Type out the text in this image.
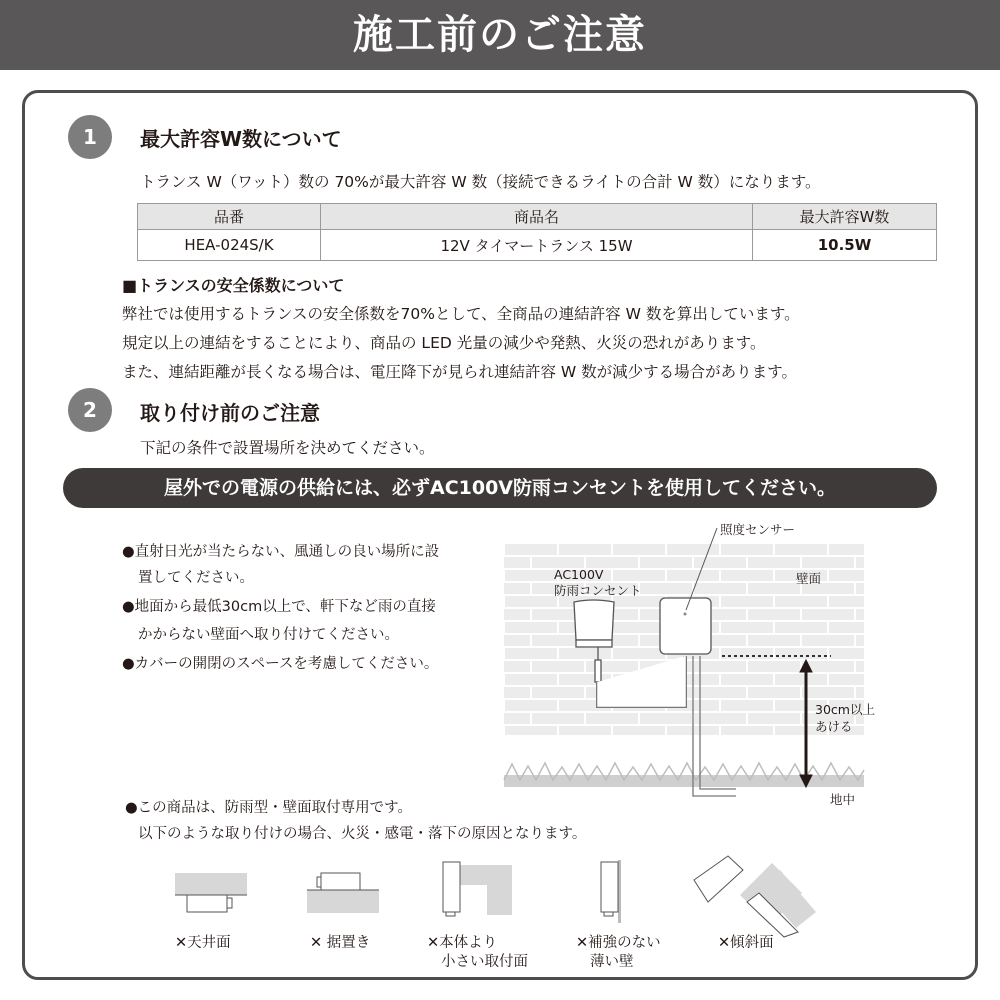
施工前のご注意
1	最大許容W数について
トランス W（ワット）数の 70%が最大許容 W 数（接続できるライトの合計 W 数）になります。
品番	商品名	最大許容W数
HEA-024S/K	12V タイマートランス 15W	10.5W
■トランスの安全係数について
弊社では使用するトランスの安全係数を70%として、全商品の連結許容 W 数を算出しています。
規定以上の連結をすることにより、商品の LED 光量の減少や発熱、火災の恐れがあります。
また、連結距離が長くなる場合は、電圧降下が見られ連結許容 W 数が減少する場合があります。
2	取り付け前のご注意
下記の条件で設置場所を決めてください。
屋外での電源の供給には、必ずAC100V防雨コンセントを使用してください。
●直射日光が当たらない、風通しの良い場所に設
置してください。
●地面から最低30cm以上で、軒下など雨の直接
かからない壁面へ取り付けてください。
●カバーの開閉のスペースを考慮してください。
照度センサー
AC100V
防雨コンセント
壁面
30cm以上
あける
地中
●この商品は、防雨型・壁面取付専用です。
以下のような取り付けの場合、火災・感電・落下の原因となります。
✕天井面	✕ 据置き	✕本体より
小さい取付面
✕補強のない
薄い壁
✕傾斜面
